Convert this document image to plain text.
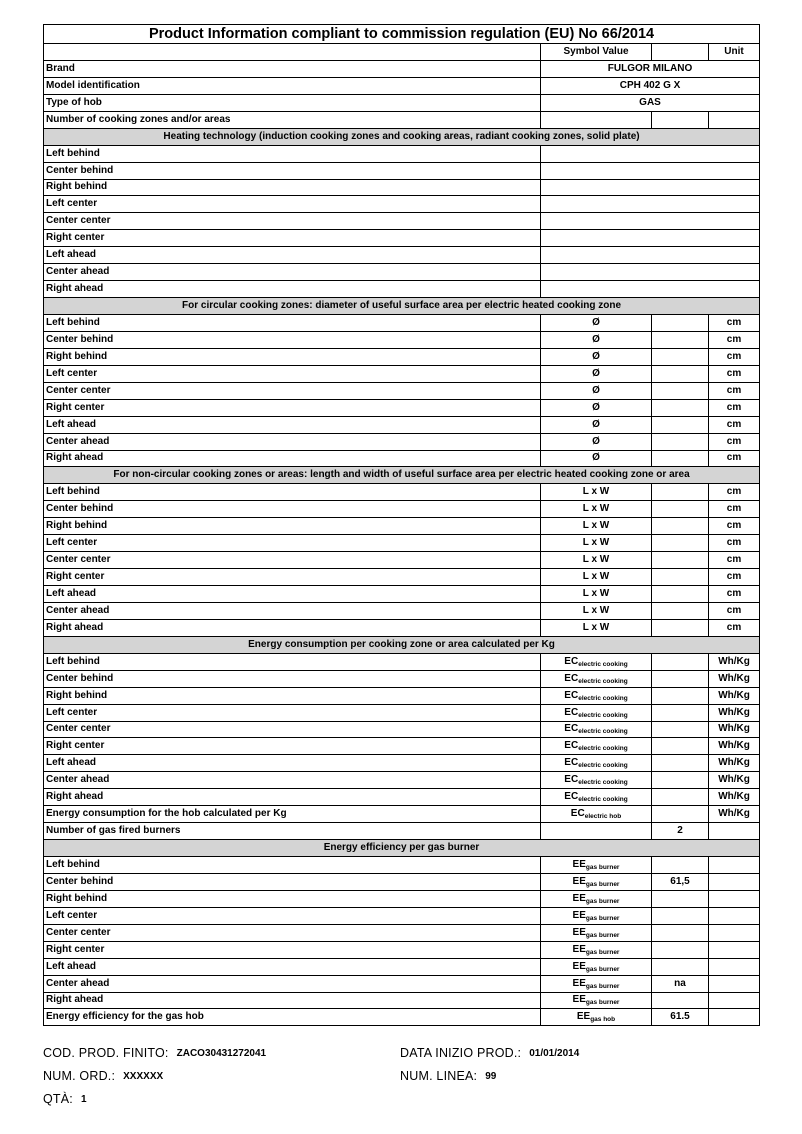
Product Information compliant to commission regulation (EU) No 66/2014			
	Symbol Value		Unit
Brand	FULGOR MILANO		
Model identification	CPH 402 G X		
Type of hob	GAS		
Number of cooking zones and/or areas			
Heating technology (induction cooking zones and cooking areas, radiant cooking zones, solid plate)			
Left behind			
Center behind			
Right behind			
Left center			
Center center			
Right center			
Left ahead			
Center ahead			
Right ahead			
For circular cooking zones: diameter of useful surface area per electric heated cooking zone			
Left behind	Ø		cm
Center behind	Ø		cm
Right behind	Ø		cm
Left center	Ø		cm
Center center	Ø		cm
Right center	Ø		cm
Left ahead	Ø		cm
Center ahead	Ø		cm
Right ahead	Ø		cm
For non-circular cooking zones or areas: length and width of useful surface area per electric heated cooking zone or area			
Left behind	L x W		cm
Center behind	L x W		cm
Right behind	L x W		cm
Left center	L x W		cm
Center center	L x W		cm
Right center	L x W		cm
Left ahead	L x W		cm
Center ahead	L x W		cm
Right ahead	L x W		cm
Energy consumption per cooking zone or area calculated per Kg			
Left behind	$EC_{electric cooking}$		Wh/Kg
Center behind	$EC_{electric cooking}$		Wh/Kg
Right behind	$EC_{electric cooking}$		Wh/Kg
Left center	$EC_{electric cooking}$		Wh/Kg
Center center	$EC_{electric cooking}$		Wh/Kg
Right center	$EC_{electric cooking}$		Wh/Kg
Left ahead	$EC_{electric cooking}$		Wh/Kg
Center ahead	$EC_{electric cooking}$		Wh/Kg
Right ahead	$EC_{electric cooking}$		Wh/Kg
Energy consumption for the hob calculated per Kg	$EC_{electric hob}$		Wh/Kg
Number of gas fired burners		2	
Energy efficiency per gas burner			
Left behind	$EE_{gas burner}$		
Center behind	$EE_{gas burner}$	61,5	
Right behind	$EE_{gas burner}$		
Left center	$EE_{gas burner}$		
Center center	$EE_{gas burner}$		
Right center	$EE_{gas burner}$		
Left ahead	$EE_{gas burner}$		
Center ahead	$EE_{gas burner}$	na	
Right ahead	$EE_{gas burner}$		
Energy efficiency for the gas hob	$EE_{gas hob}$	61.5	
COD. PROD. FINITO: ZACO30431272041	DATA INIZIO PROD.: 01/01/2014
NUM. ORD.: XXXXXX	NUM. LINEA: 99
QTÀ: 1
